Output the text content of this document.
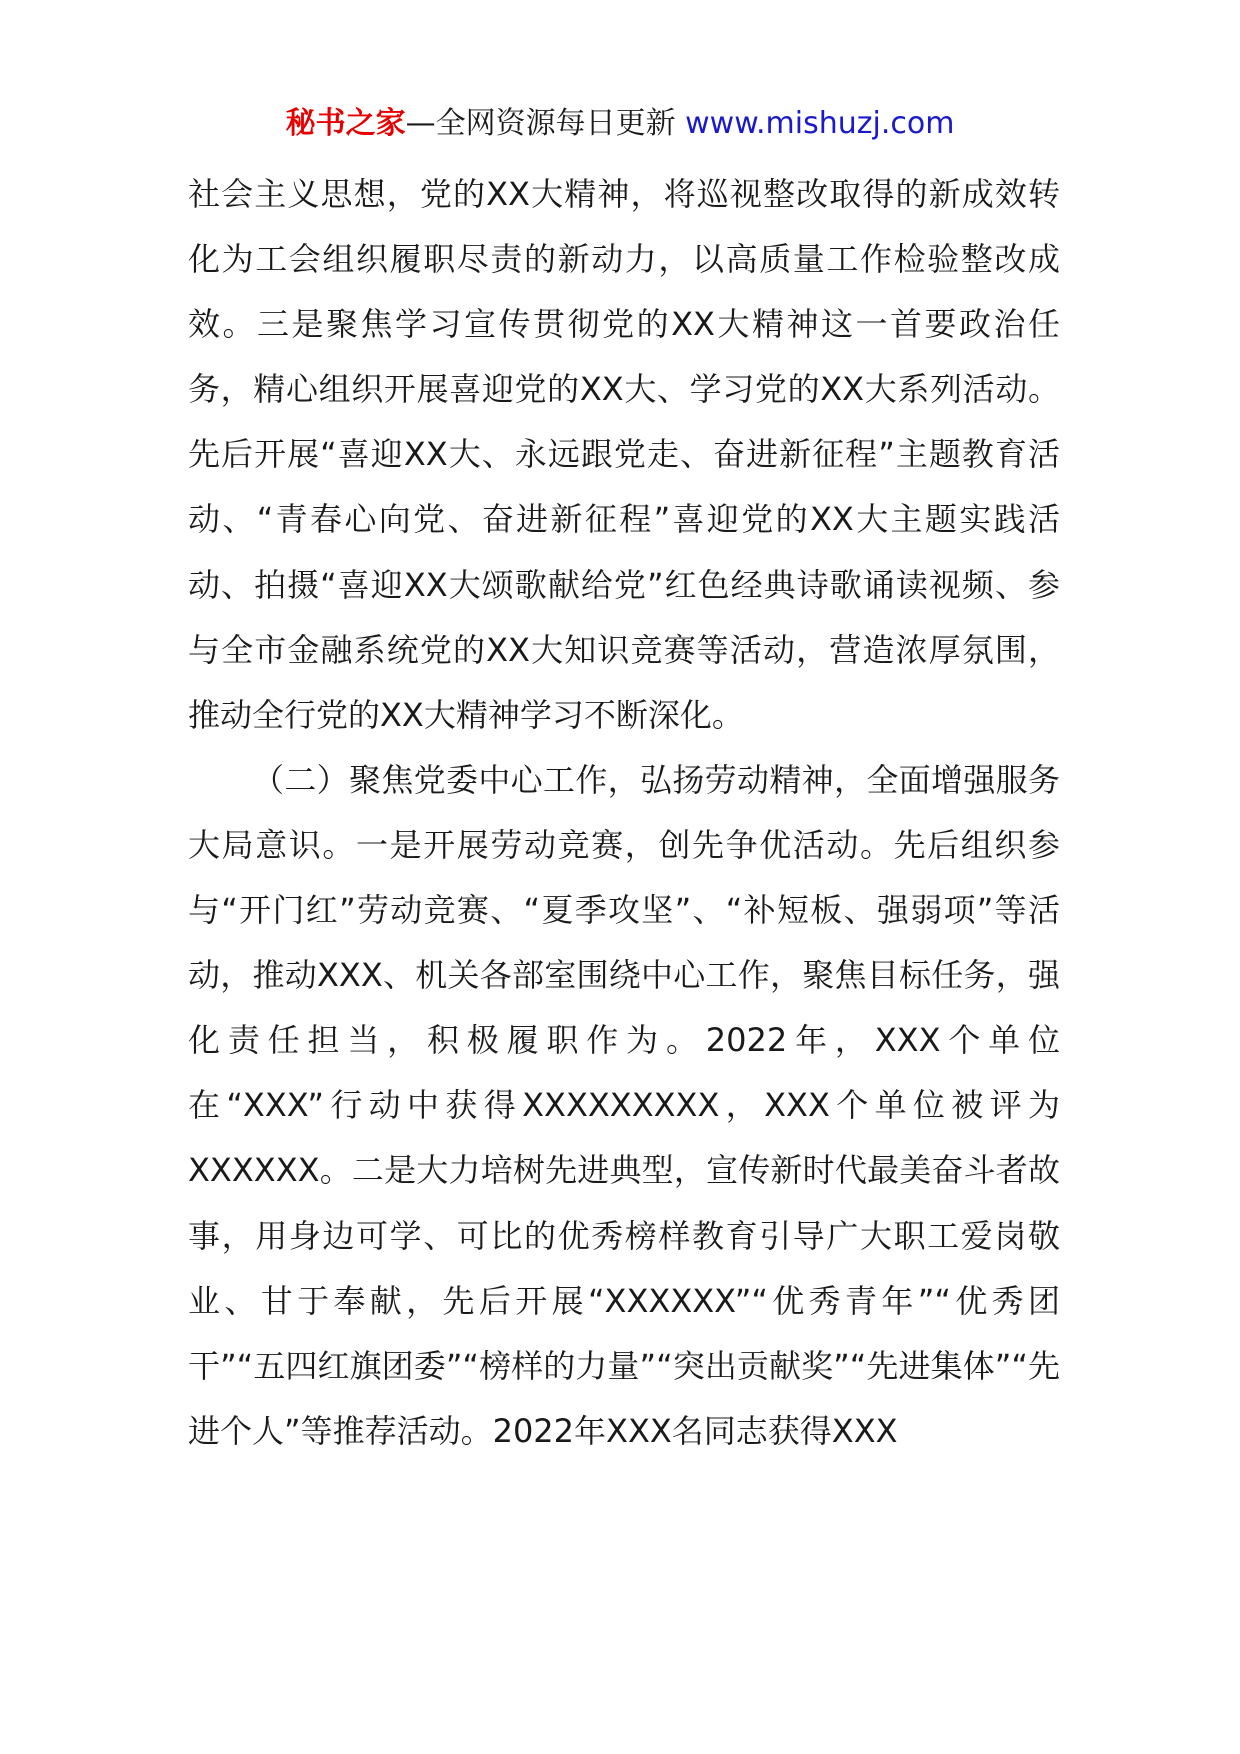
秘书之家—全网资源每日更新 www.mishuzj.com

社会主义思想，党的XX大精神，将巡视整改取得的新成效转化为工会组织履职尽责的新动力，以高质量工作检验整改成效。三是聚焦学习宣传贯彻党的XX大精神这一首要政治任务，精心组织开展喜迎党的XX大、学习党的XX大系列活动。先后开展“喜迎XX大、永远跟党走、奋进新征程”主题教育活动、“青春心向党、奋进新征程”喜迎党的XX大主题实践活动、拍摄“喜迎XX大颂歌献给党”红色经典诗歌诵读视频、参与全市金融系统党的XX大知识竞赛等活动，营造浓厚氛围，推动全行党的XX大精神学习不断深化。

（二）聚焦党委中心工作，弘扬劳动精神，全面增强服务大局意识。一是开展劳动竞赛，创先争优活动。先后组织参与“开门红”劳动竞赛、“夏季攻坚”、“补短板、强弱项”等活动，推动XXX、机关各部室围绕中心工作，聚焦目标任务，强化责任担当，积极履职作为。2022年，XXX个单位在“XXX”行动中获得XXXXXXXXX，XXX个单位被评为XXXXXX。二是大力培树先进典型，宣传新时代最美奋斗者故事，用身边可学、可比的优秀榜样教育引导广大职工爱岗敬业、甘于奉献，先后开展“XXXXXX”“优秀青年”“优秀团干”“五四红旗团委”“榜样的力量”“突出贡献奖”“先进集体”“先进个人”等推荐活动。2022年XXX名同志获得XXX
